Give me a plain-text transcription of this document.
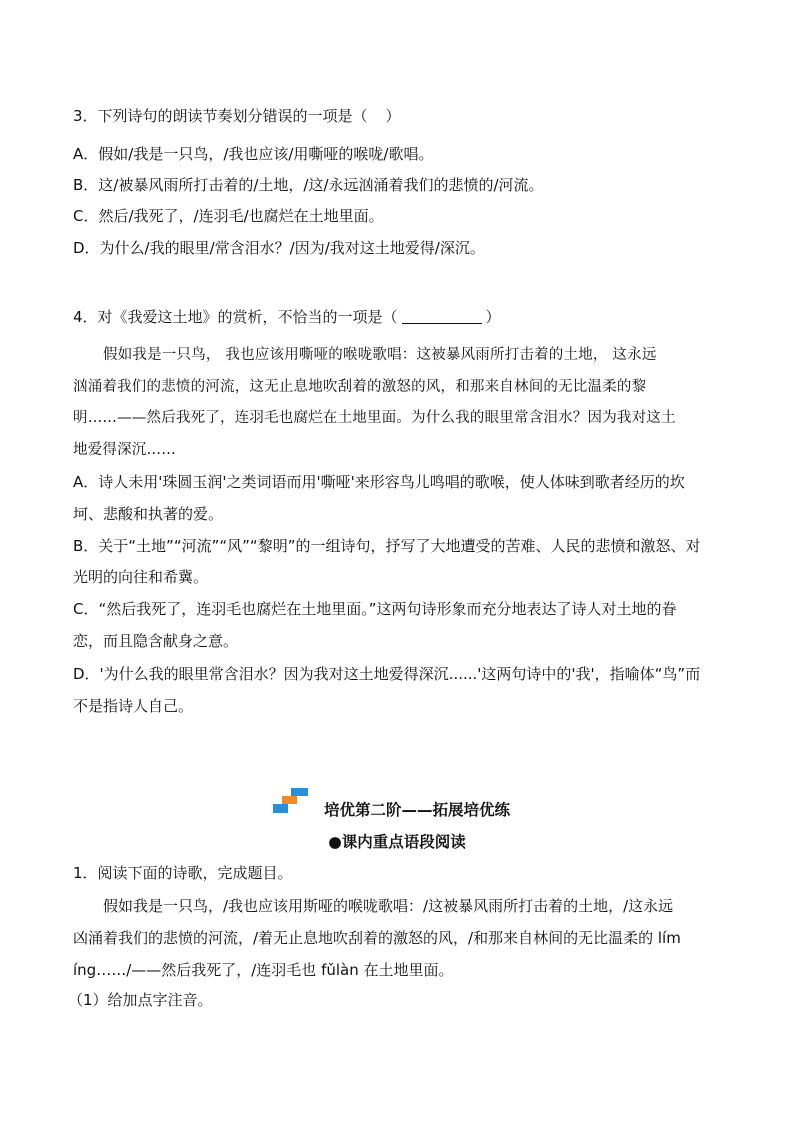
3．下列诗句的朗读节奏划分错误的一项是（ ）
A．假如/我是一只鸟，/我也应该/用嘶哑的喉咙/歌唱。
B．这/被暴风雨所打击着的/土地，/这/永远汹涌着我们的悲愤的/河流。
C．然后/我死了，/连羽毛/也腐烂在土地里面。
D．为什么/我的眼里/常含泪水？/因为/我对这土地爱得/深沉。
4．对《我爱这土地》的赏析，不恰当的一项是（	）
假如我是一只鸟， 我也应该用嘶哑的喉咙歌唱：这被暴风雨所打击着的土地， 这永远
汹涌着我们的悲愤的河流，这无止息地吹刮着的激怒的风，和那来自林间的无比温柔的黎
明……——然后我死了，连羽毛也腐烂在土地里面。为什么我的眼里常含泪水？因为我对这土
地爱得深沉……
A．诗人未用'珠圆玉润'之类词语而用'嘶哑'来形容鸟儿鸣唱的歌喉，使人体味到歌者经历的坎
坷、悲酸和执著的爱。
B．关于“土地”“河流”“风”“黎明”的一组诗句，抒写了大地遭受的苦难、人民的悲愤和激怒、对
光明的向往和希冀。
C．“然后我死了，连羽毛也腐烂在土地里面。”这两句诗形象而充分地表达了诗人对土地的眷
恋，而且隐含献身之意。
D．'为什么我的眼里常含泪水？因为我对这土地爱得深沉......'这两句诗中的'我'，指喻体“鸟”而
不是指诗人自己。
培优第二阶——拓展培优练
●课内重点语段阅读
1．阅读下面的诗歌，完成题目。
假如我是一只鸟，/我也应该用斯哑的喉咙歌唱：/这被暴风雨所打击着的土地，/这永远
凶涌着我们的悲愤的河流，/着无止息地吹刮着的激怒的风，/和那来自林间的无比温柔的 lím
íng……/——然后我死了，/连羽毛也 fǔlàn 在土地里面。
（1）给加点字注音。
